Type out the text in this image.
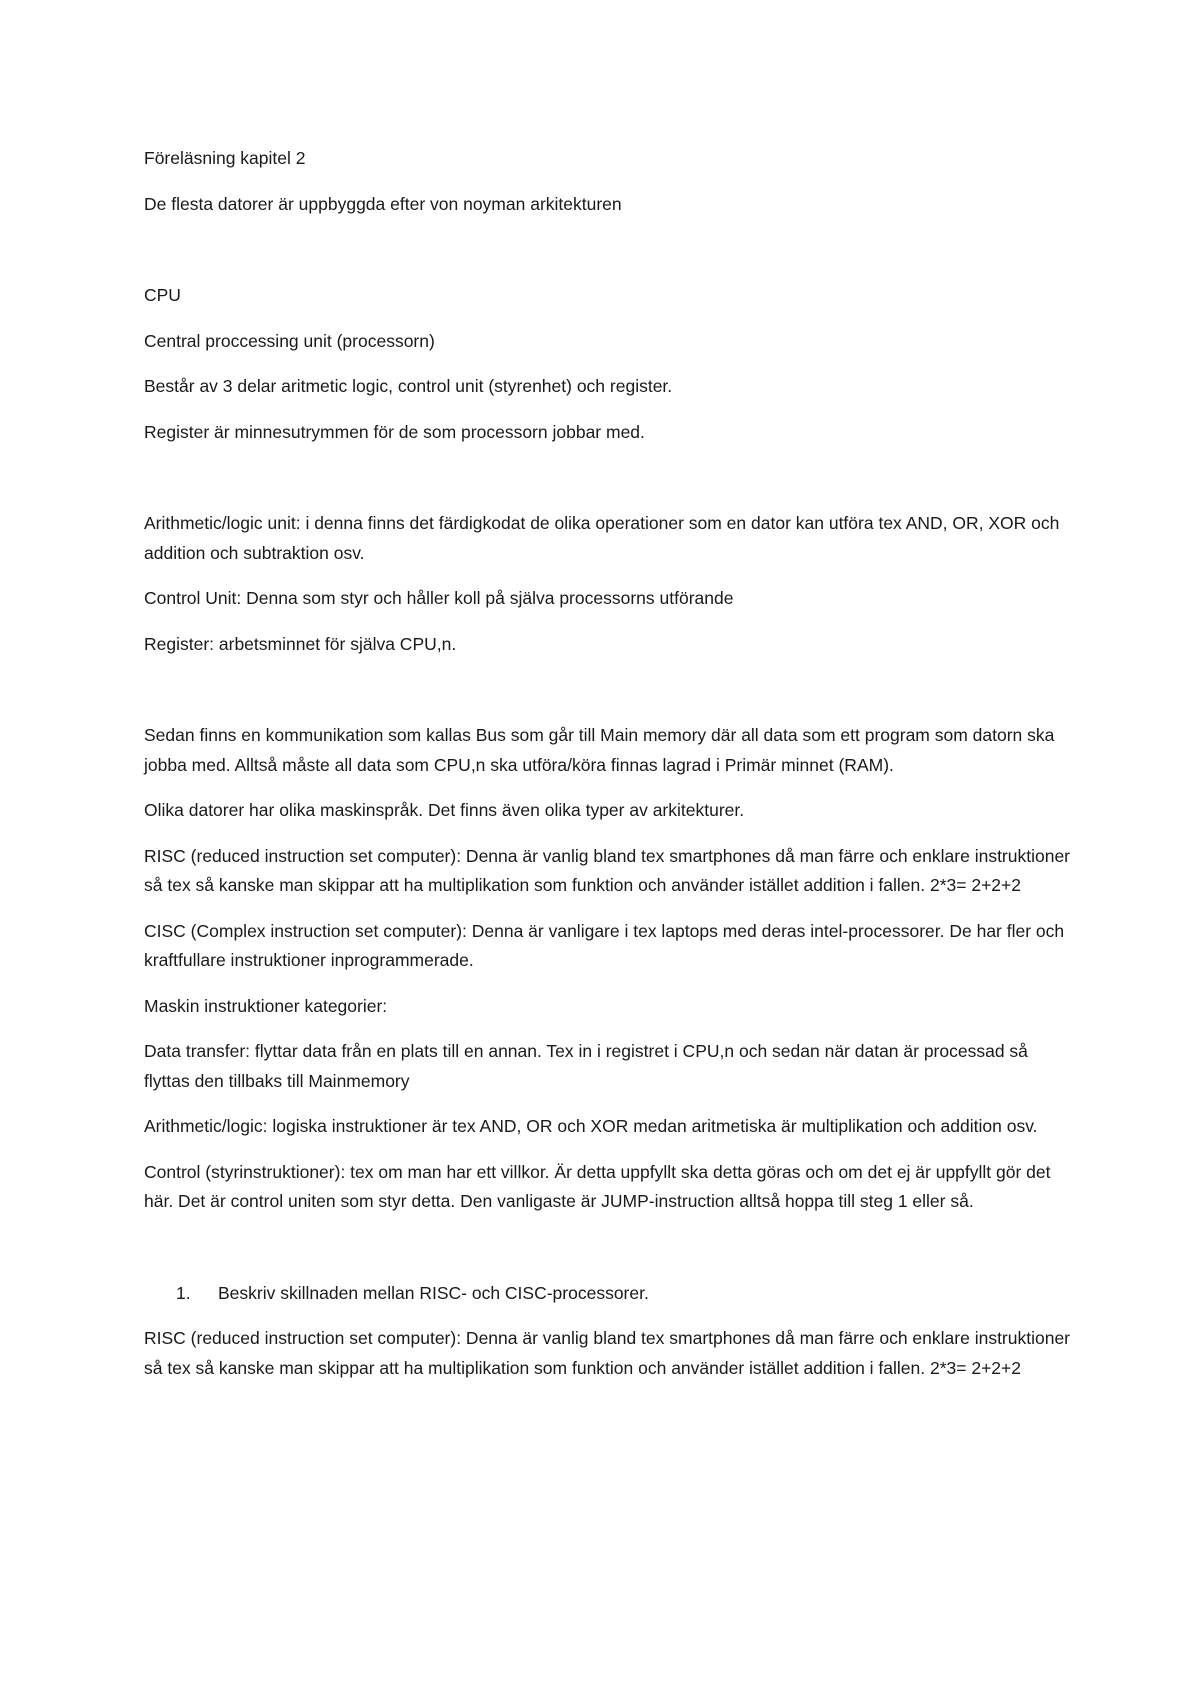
Föreläsning kapitel 2

De flesta datorer är uppbyggda efter von noyman arkitekturen

CPU

Central proccessing unit (processorn)

Består av 3 delar aritmetic logic, control unit (styrenhet) och register.

Register är minnesutrymmen för de som processorn jobbar med.

Arithmetic/logic unit: i denna finns det färdigkodat de olika operationer som en dator kan utföra tex AND, OR, XOR och addition och subtraktion osv.

Control Unit: Denna som styr och håller koll på själva processorns utförande

Register: arbetsminnet för själva CPU,n.

Sedan finns en kommunikation som kallas Bus som går till Main memory där all data som ett program som datorn ska jobba med. Alltså måste all data som CPU,n ska utföra/köra finnas lagrad i Primär minnet (RAM).

Olika datorer har olika maskinspråk. Det finns även olika typer av arkitekturer.

RISC (reduced instruction set computer): Denna är vanlig bland tex smartphones då man färre och enklare instruktioner så tex så kanske man skippar att ha multiplikation som funktion och använder istället addition i fallen. 2*3= 2+2+2

CISC (Complex instruction set computer): Denna är vanligare i tex laptops med deras intel-processorer. De har fler och kraftfullare instruktioner inprogrammerade.

Maskin instruktioner kategorier:

Data transfer: flyttar data från en plats till en annan. Tex in i registret i CPU,n och sedan när datan är processad så flyttas den tillbaks till Mainmemory

Arithmetic/logic: logiska instruktioner är tex AND, OR och XOR medan aritmetiska är multiplikation och addition osv.

Control (styrinstruktioner): tex om man har ett villkor. Är detta uppfyllt ska detta göras och om det ej är uppfyllt gör det här. Det är control uniten som styr detta. Den vanligaste är JUMP-instruction alltså hoppa till steg 1 eller så.

1.	Beskriv skillnaden mellan RISC- och CISC-processorer.

RISC (reduced instruction set computer): Denna är vanlig bland tex smartphones då man färre och enklare instruktioner så tex så kanske man skippar att ha multiplikation som funktion och använder istället addition i fallen. 2*3= 2+2+2
